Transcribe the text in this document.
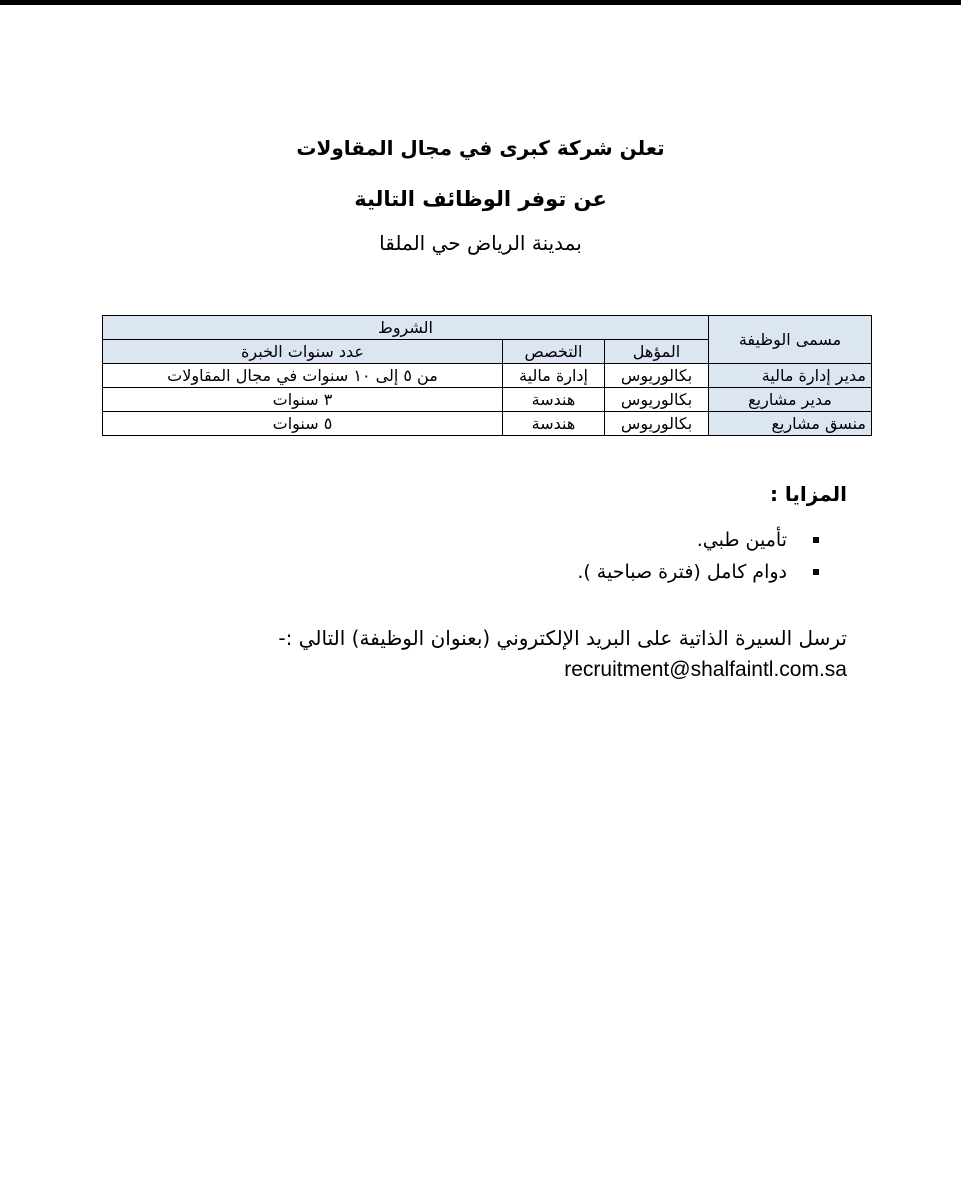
تعلن شركة كبرى في مجال المقاولات
عن توفر الوظائف التالية
بمدينة الرياض حي الملقا
مسمى الوظيفة	الشروط		
	المؤهل	التخصص	عدد سنوات الخبرة
مدير إدارة مالية	بكالوريوس	إدارة مالية	من ٥ إلى ١٠ سنوات في مجال المقاولات
مدير مشاريع	بكالوريوس	هندسة	٣ سنوات
منسق مشاريع	بكالوريوس	هندسة	٥ سنوات
المزايا :
تأمين طبي.
دوام كامل (فترة صباحية ).
ترسل السيرة الذاتية على البريد الإلكتروني (بعنوان الوظيفة) التالي :-
recruitment@shalfaintl.com.sa
